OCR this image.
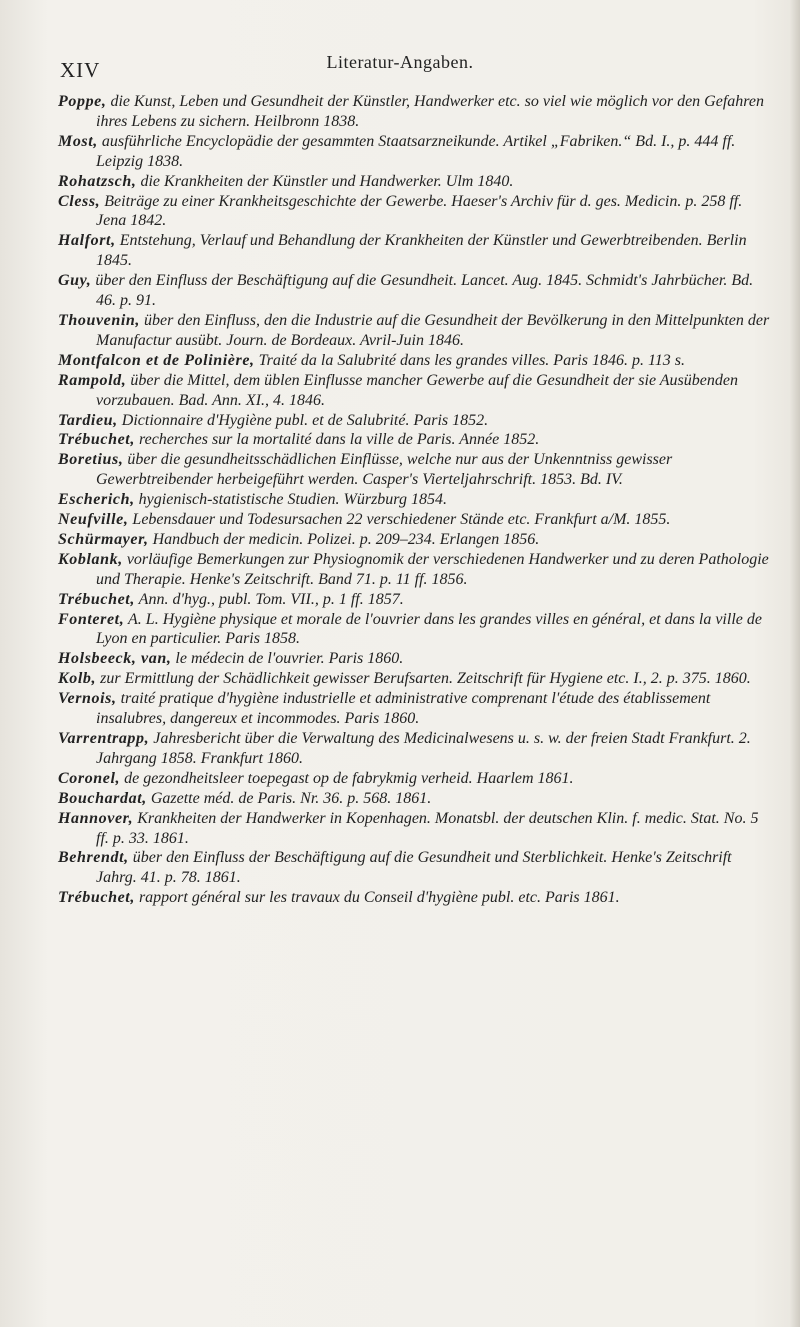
XIV	Literatur-Angaben.

Poppe, die Kunst, Leben und Gesundheit der Künstler, Handwerker etc. so viel wie möglich vor den Gefahren ihres Lebens zu sichern. Heilbronn 1838.

Most, ausführliche Encyclopädie der gesammten Staatsarzneikunde. Artikel „Fabriken.“ Bd. I., p. 444 ff. Leipzig 1838.

Rohatzsch, die Krankheiten der Künstler und Handwerker. Ulm 1840.

Cless, Beiträge zu einer Krankheitsgeschichte der Gewerbe. Haeser's Archiv für d. ges. Medicin. p. 258 ff. Jena 1842.

Halfort, Entstehung, Verlauf und Behandlung der Krankheiten der Künstler und Gewerbtreibenden. Berlin 1845.

Guy, über den Einfluss der Beschäftigung auf die Gesundheit. Lancet. Aug. 1845. Schmidt's Jahrbücher. Bd. 46. p. 91.

Thouvenin, über den Einfluss, den die Industrie auf die Gesundheit der Bevölkerung in den Mittelpunkten der Manufactur ausübt. Journ. de Bordeaux. Avril-Juin 1846.

Montfalcon et de Polinière, Traité da la Salubrité dans les grandes villes. Paris 1846. p. 113 s.

Rampold, über die Mittel, dem üblen Einflusse mancher Gewerbe auf die Gesundheit der sie Ausübenden vorzubauen. Bad. Ann. XI., 4. 1846.

Tardieu, Dictionnaire d'Hygiène publ. et de Salubrité. Paris 1852.

Trébuchet, recherches sur la mortalité dans la ville de Paris. Année 1852.

Boretius, über die gesundheitsschädlichen Einflüsse, welche nur aus der Unkenntniss gewisser Gewerbtreibender herbeigeführt werden. Casper's Vierteljahrschrift. 1853. Bd. IV.

Escherich, hygienisch-statistische Studien. Würzburg 1854.

Neufville, Lebensdauer und Todesursachen 22 verschiedener Stände etc. Frankfurt a/M. 1855.

Schürmayer, Handbuch der medicin. Polizei. p. 209–234. Erlangen 1856.

Koblank, vorläufige Bemerkungen zur Physiognomik der verschiedenen Handwerker und zu deren Pathologie und Therapie. Henke's Zeitschrift. Band 71. p. 11 ff. 1856.

Trébuchet, Ann. d'hyg., publ. Tom. VII., p. 1 ff. 1857.

Fonteret, A. L. Hygiène physique et morale de l'ouvrier dans les grandes villes en général, et dans la ville de Lyon en particulier. Paris 1858.

Holsbeeck, van, le médecin de l'ouvrier. Paris 1860.

Kolb, zur Ermittlung der Schädlichkeit gewisser Berufsarten. Zeitschrift für Hygiene etc. I., 2. p. 375. 1860.

Vernois, traité pratique d'hygiène industrielle et administrative comprenant l'étude des établissement insalubres, dangereux et incommodes. Paris 1860.

Varrentrapp, Jahresbericht über die Verwaltung des Medicinalwesens u. s. w. der freien Stadt Frankfurt. 2. Jahrgang 1858. Frankfurt 1860.

Coronel, de gezondheitsleer toepegast op de fabrykmig verheid. Haarlem 1861.

Bouchardat, Gazette méd. de Paris. Nr. 36. p. 568. 1861.

Hannover, Krankheiten der Handwerker in Kopenhagen. Monatsbl. der deutschen Klin. f. medic. Stat. No. 5 ff. p. 33. 1861.

Behrendt, über den Einfluss der Beschäftigung auf die Gesundheit und Sterblichkeit. Henke's Zeitschrift Jahrg. 41. p. 78. 1861.

Trébuchet, rapport général sur les travaux du Conseil d'hygiène publ. etc. Paris 1861.
